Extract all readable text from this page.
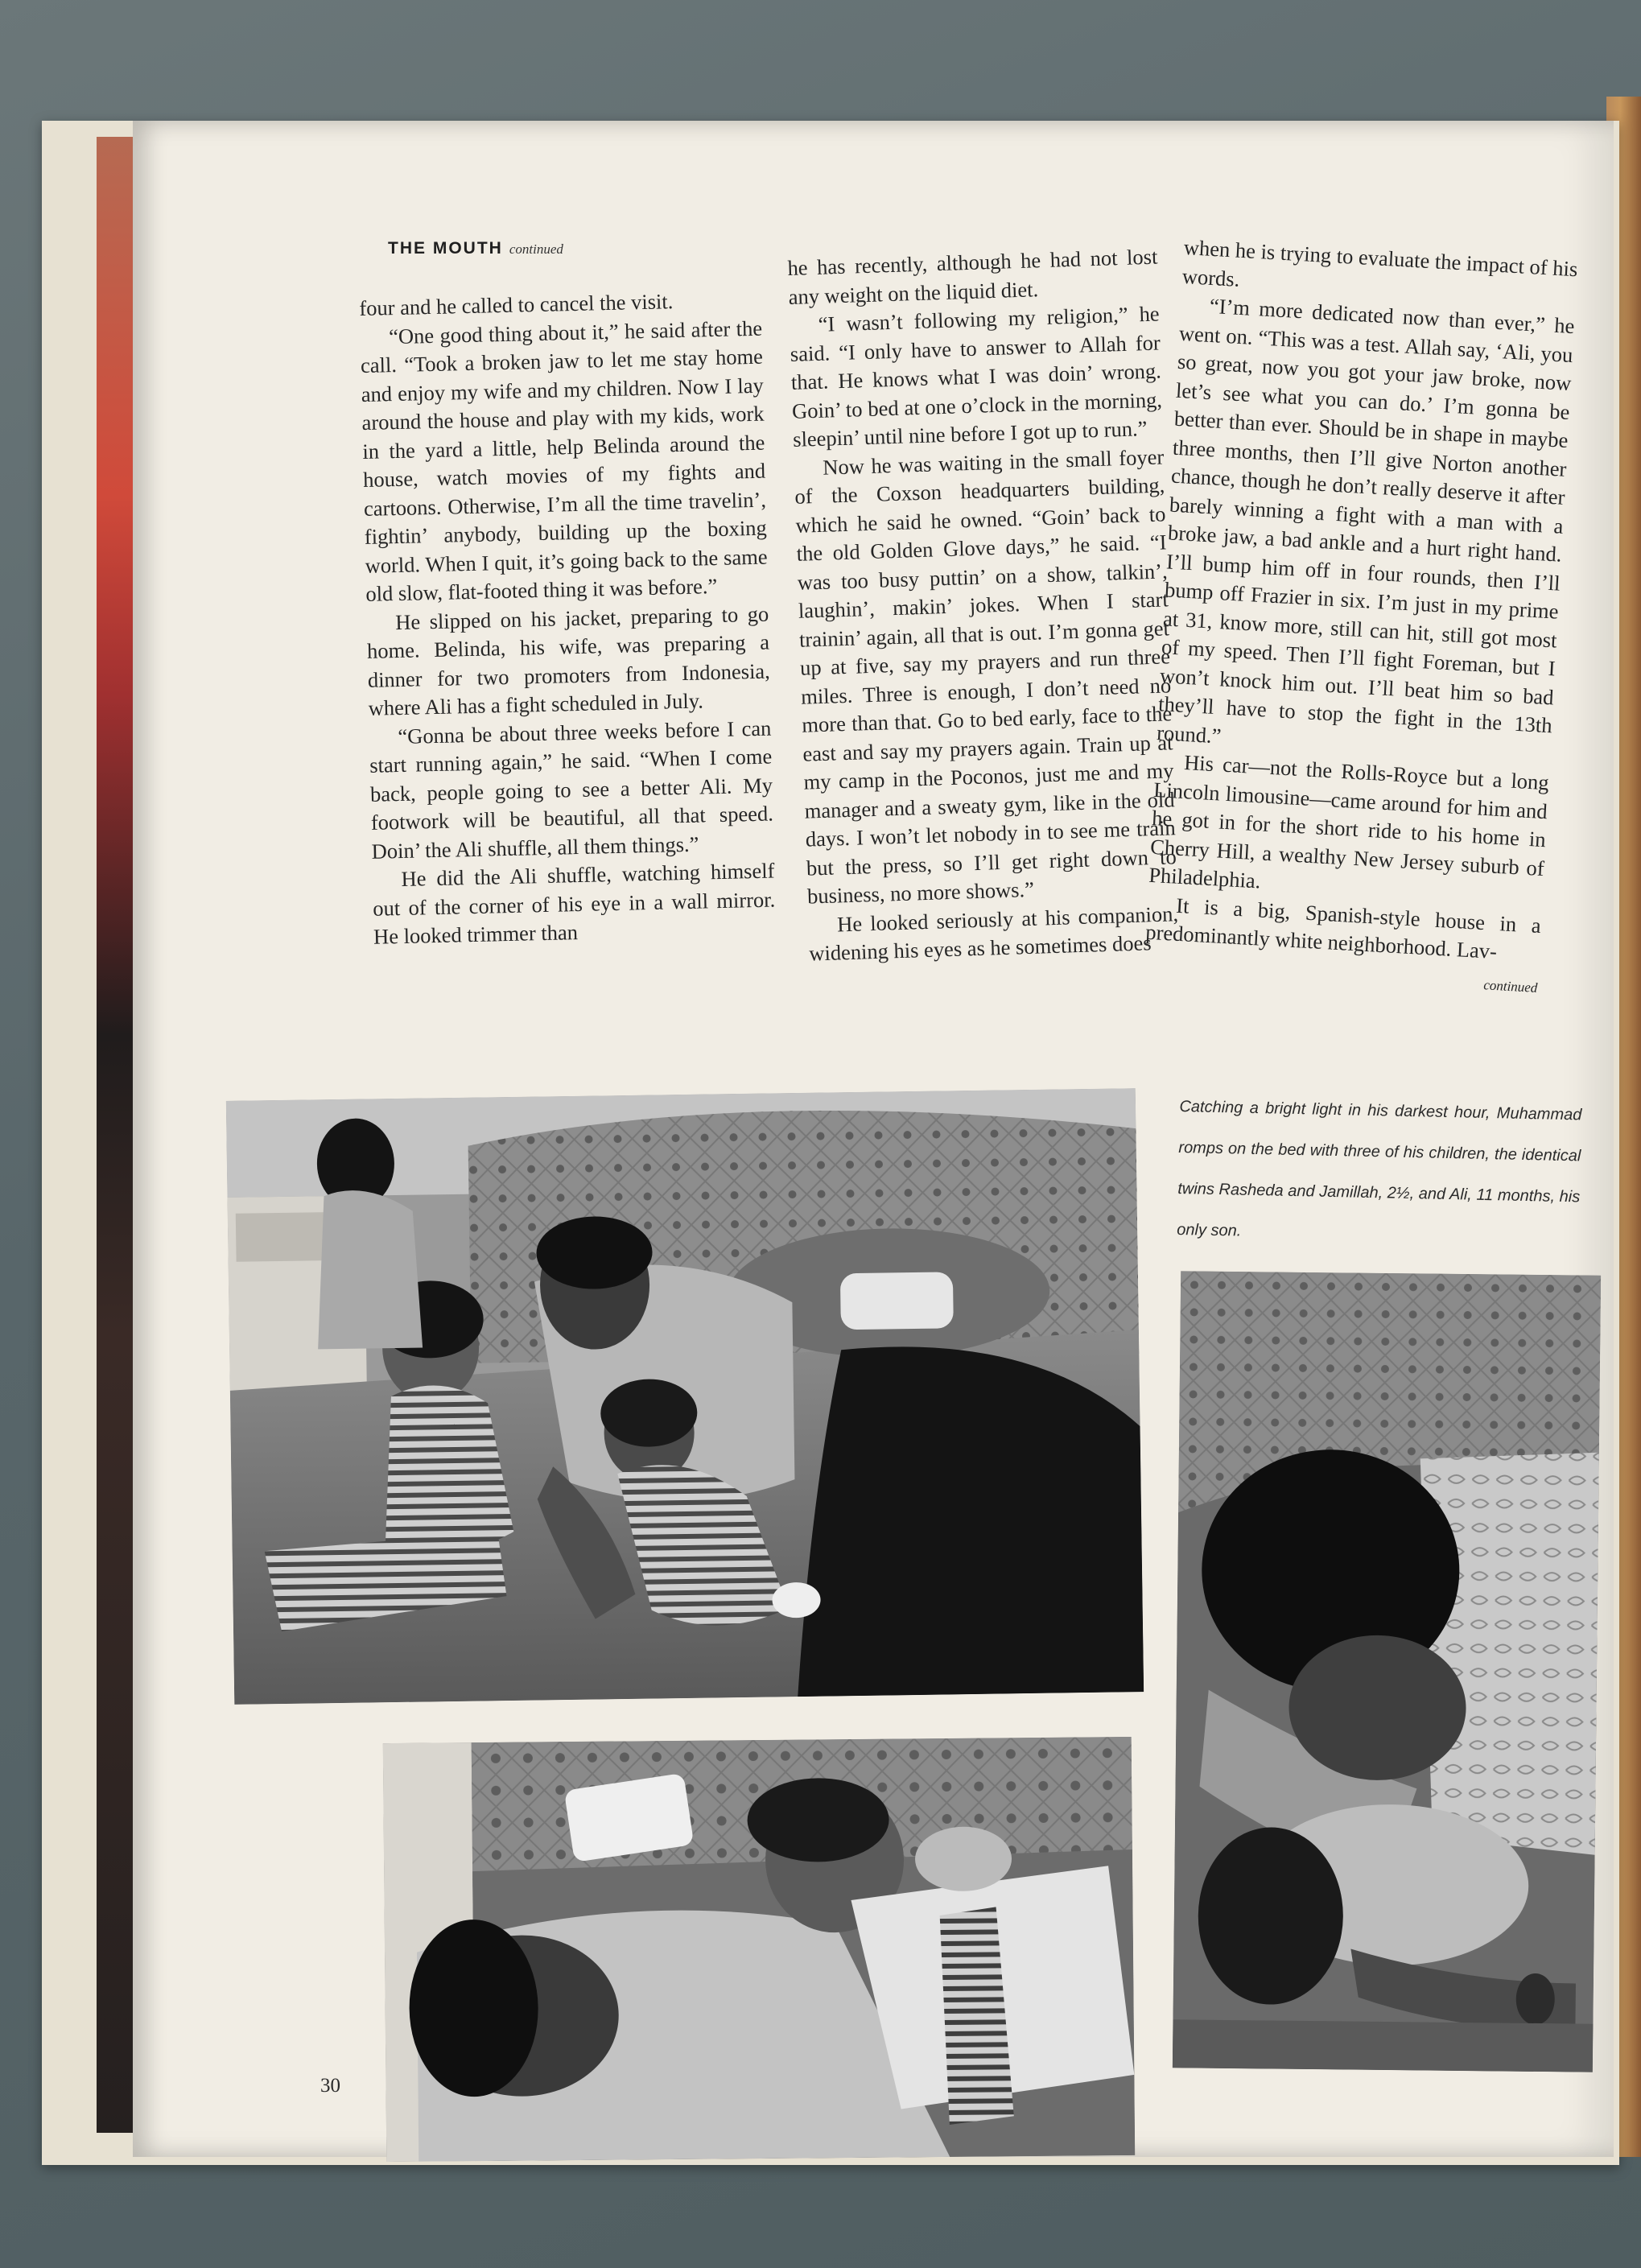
THE MOUTH continued

four and he called to cancel the visit.

“One good thing about it,” he said after the call. “Took a broken jaw to let me stay home and enjoy my wife and my children. Now I lay around the house and play with my kids, work in the yard a little, help Belinda around the house, watch movies of my fights and cartoons. Otherwise, I’m all the time travelin’, fightin’ anybody, building up the boxing world. When I quit, it’s going back to the same old slow, flat-footed thing it was before.”

He slipped on his jacket, preparing to go home. Belinda, his wife, was preparing a dinner for two promoters from Indonesia, where Ali has a fight scheduled in July.

“Gonna be about three weeks before I can start running again,” he said. “When I come back, people going to see a better Ali. My footwork will be beautiful, all that speed. Doin’ the Ali shuffle, all them things.”

He did the Ali shuffle, watching himself out of the corner of his eye in a wall mirror. He looked trimmer than

he has recently, although he had not lost any weight on the liquid diet.

“I wasn’t following my religion,” he said. “I only have to answer to Allah for that. He knows what I was doin’ wrong. Goin’ to bed at one o’clock in the morning, sleepin’ until nine before I got up to run.”

Now he was waiting in the small foyer of the Coxson headquarters building, which he said he owned. “Goin’ back to the old Golden Glove days,” he said. “I was too busy puttin’ on a show, talkin’, laughin’, makin’ jokes. When I start trainin’ again, all that is out. I’m gonna get up at five, say my prayers and run three miles. Three is enough, I don’t need no more than that. Go to bed early, face to the east and say my prayers again. Train up at my camp in the Poconos, just me and my manager and a sweaty gym, like in the old days. I won’t let nobody in to see me train but the press, so I’ll get right down to business, no more shows.”

He looked seriously at his companion, widening his eyes as he sometimes does

when he is trying to evaluate the impact of his words.

“I’m more dedicated now than ever,” he went on. “This was a test. Allah say, ‘Ali, you so great, now you got your jaw broke, now let’s see what you can do.’ I’m gonna be better than ever. Should be in shape in maybe three months, then I’ll give Norton another chance, though he don’t really deserve it after barely winning a fight with a man with a broke jaw, a bad ankle and a hurt right hand. I’ll bump him off in four rounds, then I’ll bump off Frazier in six. I’m just in my prime at 31, know more, still can hit, still got most of my speed. Then I’ll fight Foreman, but I won’t knock him out. I’ll beat him so bad they’ll have to stop the fight in the 13th round.”

His car—not the Rolls-Royce but a long Lincoln limousine—came around for him and he got in for the short ride to his home in Cherry Hill, a wealthy New Jersey suburb of Philadelphia.

It is a big, Spanish-style house in a predominantly white neighborhood. Lav-

continued
Catching a bright light in his darkest hour, Muhammad romps on the bed with three of his children, the identical twins Rasheda and Jamillah, 2½, and Ali, 11 months, his only son.
30
